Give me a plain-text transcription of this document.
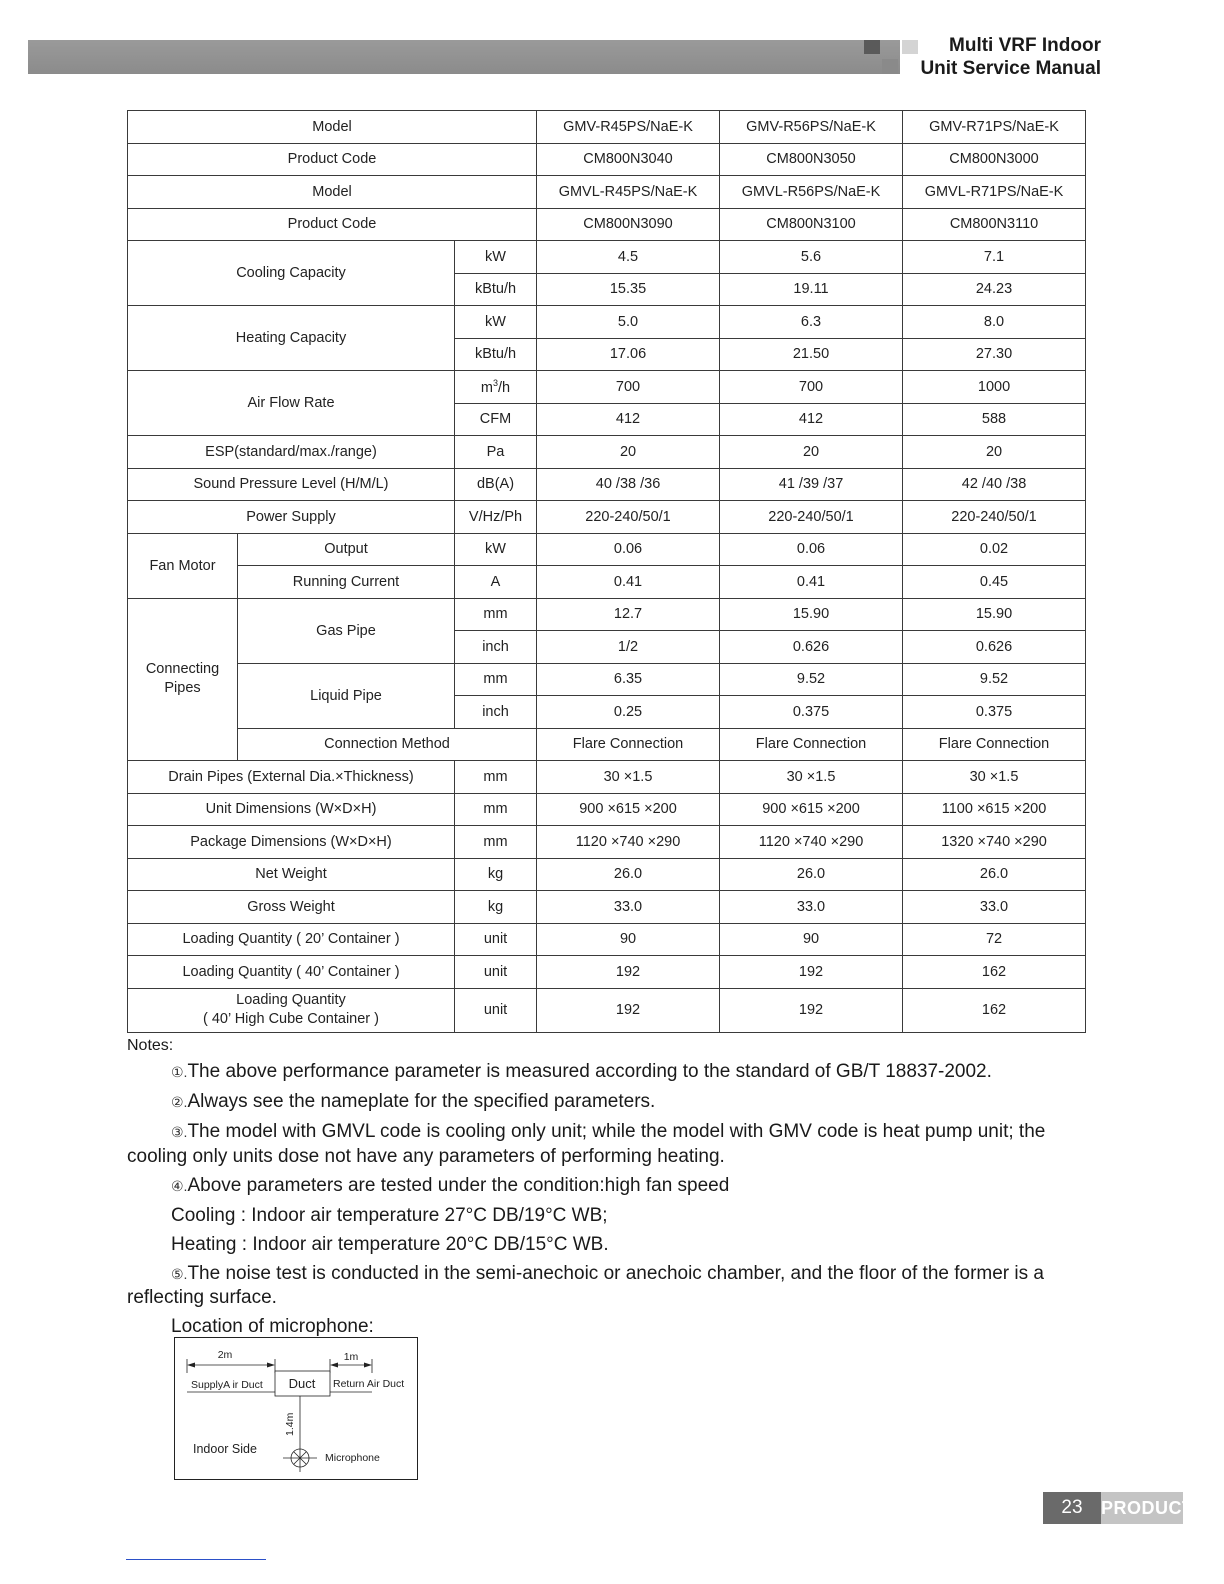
Multi VRF Indoor
Unit Service Manual
Model			GMV-R45PS/NaE-K	GMV-R56PS/NaE-K	GMV-R71PS/NaE-K
Product Code			CM800N3040	CM800N3050	CM800N3000
Model			GMVL-R45PS/NaE-K	GMVL-R56PS/NaE-K	GMVL-R71PS/NaE-K
Product Code			CM800N3090	CM800N3100	CM800N3110
Cooling Capacity		kW	4.5	5.6	7.1
		kBtu/h	15.35	19.11	24.23
Heating Capacity		kW	5.0	6.3	8.0
		kBtu/h	17.06	21.50	27.30
Air Flow Rate		$m^3/h$	700	700	1000
		CFM	412	412	588
ESP(standard/max./range)		Pa	20	20	20
Sound Pressure Level (H/M/L)		dB(A)	40 /38 /36	41 /39 /37	42 /40 /38
Power Supply		V/Hz/Ph	220-240/50/1	220-240/50/1	220-240/50/1
Fan Motor	Output	kW	0.06	0.06	0.02
	Running Current	A	0.41	0.41	0.45

Connecting Pipes	Gas Pipe	mm	12.7	15.90	15.90
		inch	1/2	0.626	0.626
	Liquid Pipe	mm	6.35	9.52	9.52
		inch	0.25	0.375	0.375
	Connection Method		Flare Connection	Flare Connection	Flare Connection
Drain Pipes (External Dia.×Thickness)		mm	30 ×1.5	30 ×1.5	30 ×1.5
Unit Dimensions (W×D×H)		mm	900 ×615 ×200	900 ×615 ×200	1100 ×615 ×200
Package Dimensions (W×D×H)		mm	1120 ×740 ×290	1120 ×740 ×290	1320 ×740 ×290
Net Weight		kg	26.0	26.0	26.0
Gross Weight		kg	33.0	33.0	33.0
Loading Quantity ( 20’ Container )		unit	90	90	72
Loading Quantity ( 40’ Container )		unit	192	192	162

Loading Quantity
( 40’ High Cube Container )		unit	192	192	162
Notes:

①.The above performance parameter is measured according to the standard of GB/T 18837-2002.

②.Always see the nameplate for the specified parameters.

③.The model with GMVL code is cooling only unit; while the model with GMV code is heat pump unit; the cooling only units dose not have any parameters of performing heating.

④.Above parameters are tested under the condition:high fan speed

Cooling : Indoor air temperature 27°C DB/19°C WB;

Heating : Indoor air temperature 20°C DB/15°C WB.

⑤.The noise test is conducted in the semi-anechoic or anechoic chamber, and the floor of the former is a reflecting surface.

Location of microphone:

2m	1m
Duct
SupplyA ir Duct	Return Air Duct
1.4m
Indoor Side
Microphone
23	PRODUCT
